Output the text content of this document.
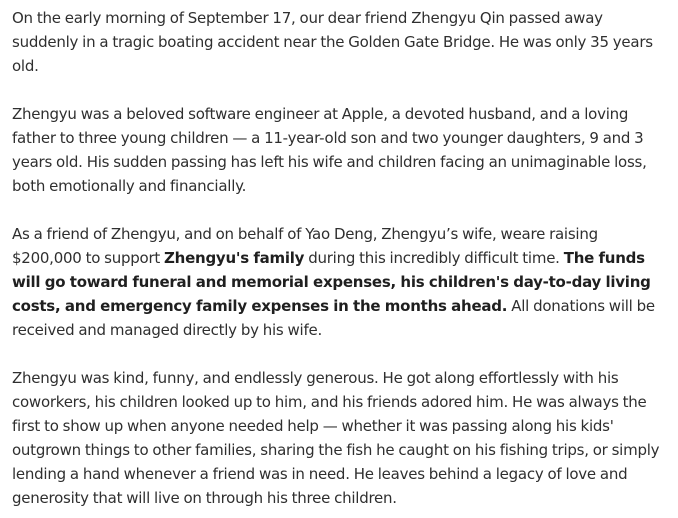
On the early morning of September 17, our dear friend Zhengyu Qin passed away suddenly in a tragic boating accident near the Golden Gate Bridge. He was only 35 years old.

Zhengyu was a beloved software engineer at Apple, a devoted husband, and a loving father to three young children — a 11-year-old son and two younger daughters, 9 and 3 years old. His sudden passing has left his wife and children facing an unimaginable loss, both emotionally and financially.

As a friend of Zhengyu, and on behalf of Yao Deng, Zhengyu’s wife, weare raising $200,000 to support Zhengyu's family during this incredibly difficult time. The funds will go toward funeral and memorial expenses, his children's day-to-day living costs, and emergency family expenses in the months ahead. All donations will be received and managed directly by his wife.

Zhengyu was kind, funny, and endlessly generous. He got along effortlessly with his coworkers, his children looked up to him, and his friends adored him. He was always the first to show up when anyone needed help — whether it was passing along his kids' outgrown things to other families, sharing the fish he caught on his fishing trips, or simply lending a hand whenever a friend was in need. He leaves behind a legacy of love and generosity that will live on through his three children.
